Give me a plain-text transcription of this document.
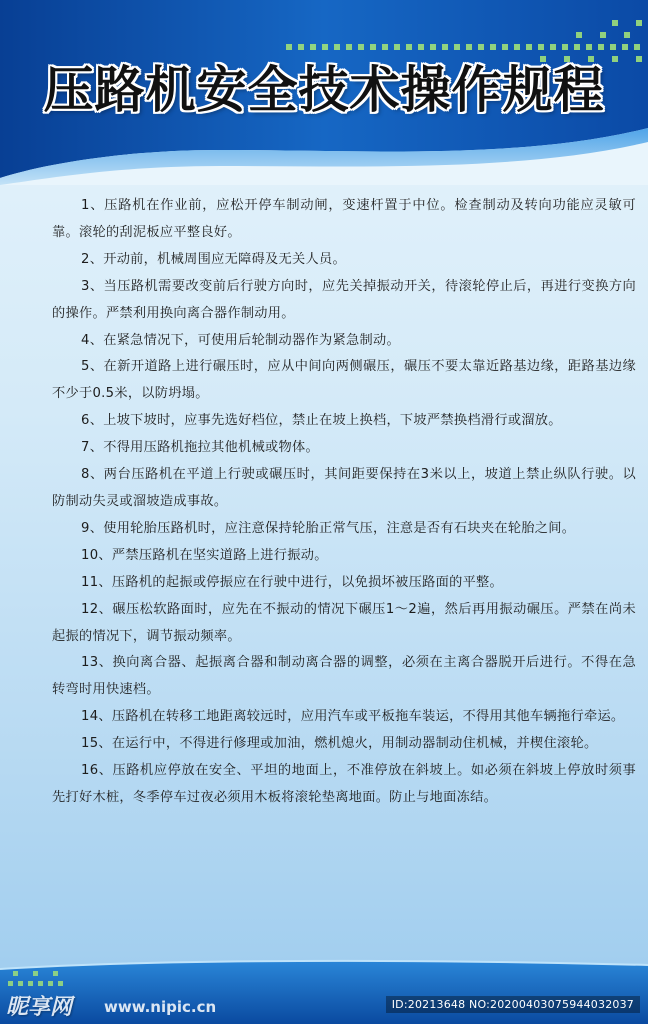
压路机安全技术操作规程

1、压路机在作业前，应松开停车制动闸，变速杆置于中位。检查制动及转向功能应灵敏可靠。滚轮的刮泥板应平整良好。

2、开动前，机械周围应无障碍及无关人员。

3、当压路机需要改变前后行驶方向时，应先关掉振动开关，待滚轮停止后，再进行变换方向的操作。严禁利用换向离合器作制动用。

4、在紧急情况下，可使用后轮制动器作为紧急制动。

5、在新开道路上进行碾压时，应从中间向两侧碾压，碾压不要太靠近路基边缘，距路基边缘不少于0.5米，以防坍塌。

6、上坡下坡时，应事先选好档位，禁止在坡上换档，下坡严禁换档滑行或溜放。

7、不得用压路机拖拉其他机械或物体。

8、两台压路机在平道上行驶或碾压时，其间距要保持在3米以上，坡道上禁止纵队行驶。以防制动失灵或溜坡造成事故。

9、使用轮胎压路机时，应注意保持轮胎正常气压，注意是否有石块夹在轮胎之间。

10、严禁压路机在坚实道路上进行振动。

11、压路机的起振或停振应在行驶中进行，以免损坏被压路面的平整。

12、碾压松软路面时，应先在不振动的情况下碾压1～2遍，然后再用振动碾压。严禁在尚未起振的情况下，调节振动频率。

13、换向离合器、起振离合器和制动离合器的调整，必须在主离合器脱开后进行。不得在急转弯时用快速档。

14、压路机在转移工地距离较远时，应用汽车或平板拖车装运，不得用其他车辆拖行牵运。

15、在运行中，不得进行修理或加油，燃机熄火，用制动器制动住机械，并楔住滚轮。

16、压路机应停放在安全、平坦的地面上，不准停放在斜坡上。如必须在斜坡上停放时须事先打好木桩，冬季停车过夜必须用木板将滚轮垫离地面。防止与地面冻结。

昵享网 www.nipic.cn	ID:20213648 NO:20200403075944032037
